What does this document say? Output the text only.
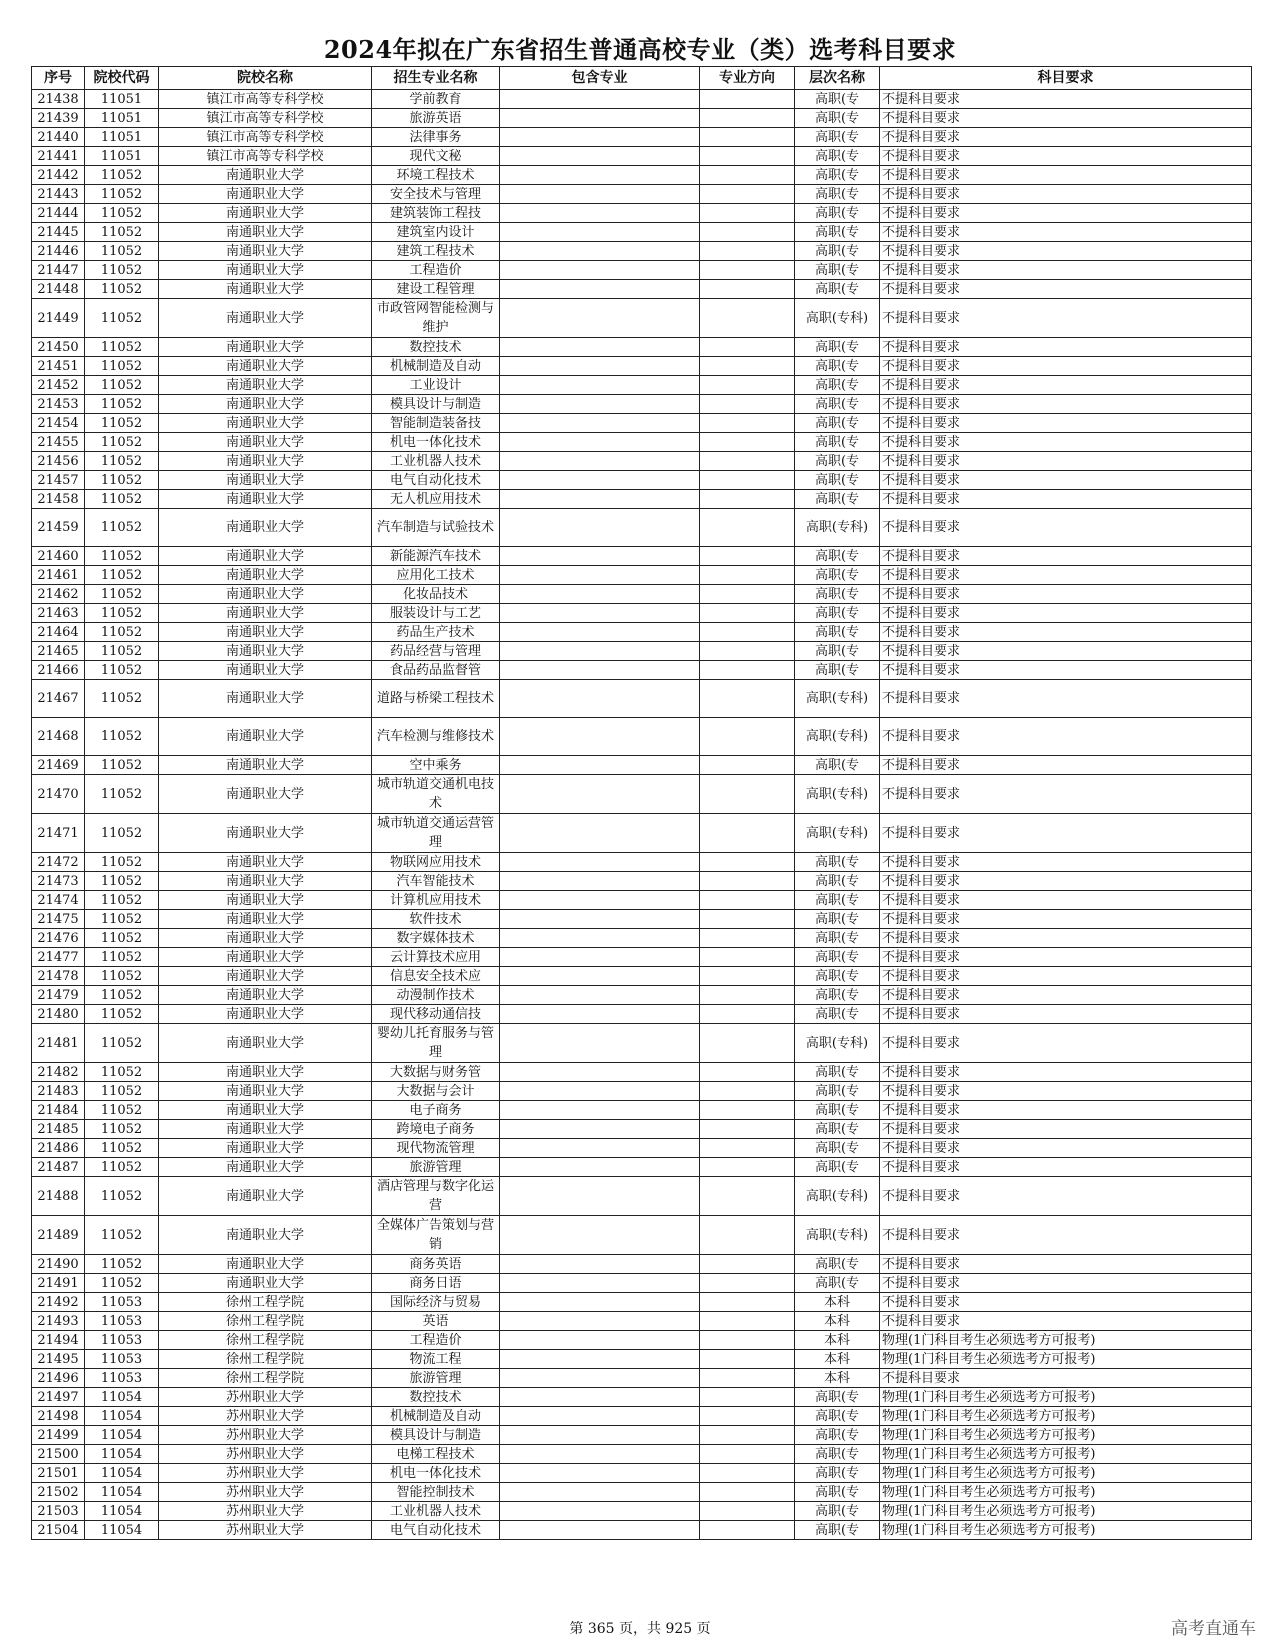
2024年拟在广东省招生普通高校专业（类）选考科目要求
序号	院校代码	院校名称	招生专业名称	包含专业	专业方向	层次名称	科目要求
21438	11051	镇江市高等专科学校	学前教育			高职(专	不提科目要求
21439	11051	镇江市高等专科学校	旅游英语			高职(专	不提科目要求
21440	11051	镇江市高等专科学校	法律事务			高职(专	不提科目要求
21441	11051	镇江市高等专科学校	现代文秘			高职(专	不提科目要求
21442	11052	南通职业大学	环境工程技术			高职(专	不提科目要求
21443	11052	南通职业大学	安全技术与管理			高职(专	不提科目要求
21444	11052	南通职业大学	建筑装饰工程技			高职(专	不提科目要求
21445	11052	南通职业大学	建筑室内设计			高职(专	不提科目要求
21446	11052	南通职业大学	建筑工程技术			高职(专	不提科目要求
21447	11052	南通职业大学	工程造价			高职(专	不提科目要求
21448	11052	南通职业大学	建设工程管理			高职(专	不提科目要求
21449	11052	南通职业大学	市政管网智能检测与维护			高职(专科)	不提科目要求
21450	11052	南通职业大学	数控技术			高职(专	不提科目要求
21451	11052	南通职业大学	机械制造及自动			高职(专	不提科目要求
21452	11052	南通职业大学	工业设计			高职(专	不提科目要求
21453	11052	南通职业大学	模具设计与制造			高职(专	不提科目要求
21454	11052	南通职业大学	智能制造装备技			高职(专	不提科目要求
21455	11052	南通职业大学	机电一体化技术			高职(专	不提科目要求
21456	11052	南通职业大学	工业机器人技术			高职(专	不提科目要求
21457	11052	南通职业大学	电气自动化技术			高职(专	不提科目要求
21458	11052	南通职业大学	无人机应用技术			高职(专	不提科目要求
21459	11052	南通职业大学	汽车制造与试验技术			高职(专科)	不提科目要求
21460	11052	南通职业大学	新能源汽车技术			高职(专	不提科目要求
21461	11052	南通职业大学	应用化工技术			高职(专	不提科目要求
21462	11052	南通职业大学	化妆品技术			高职(专	不提科目要求
21463	11052	南通职业大学	服装设计与工艺			高职(专	不提科目要求
21464	11052	南通职业大学	药品生产技术			高职(专	不提科目要求
21465	11052	南通职业大学	药品经营与管理			高职(专	不提科目要求
21466	11052	南通职业大学	食品药品监督管			高职(专	不提科目要求
21467	11052	南通职业大学	道路与桥梁工程技术			高职(专科)	不提科目要求
21468	11052	南通职业大学	汽车检测与维修技术			高职(专科)	不提科目要求
21469	11052	南通职业大学	空中乘务			高职(专	不提科目要求
21470	11052	南通职业大学	城市轨道交通机电技术			高职(专科)	不提科目要求
21471	11052	南通职业大学	城市轨道交通运营管理			高职(专科)	不提科目要求
21472	11052	南通职业大学	物联网应用技术			高职(专	不提科目要求
21473	11052	南通职业大学	汽车智能技术			高职(专	不提科目要求
21474	11052	南通职业大学	计算机应用技术			高职(专	不提科目要求
21475	11052	南通职业大学	软件技术			高职(专	不提科目要求
21476	11052	南通职业大学	数字媒体技术			高职(专	不提科目要求
21477	11052	南通职业大学	云计算技术应用			高职(专	不提科目要求
21478	11052	南通职业大学	信息安全技术应			高职(专	不提科目要求
21479	11052	南通职业大学	动漫制作技术			高职(专	不提科目要求
21480	11052	南通职业大学	现代移动通信技			高职(专	不提科目要求
21481	11052	南通职业大学	婴幼儿托育服务与管理			高职(专科)	不提科目要求
21482	11052	南通职业大学	大数据与财务管			高职(专	不提科目要求
21483	11052	南通职业大学	大数据与会计			高职(专	不提科目要求
21484	11052	南通职业大学	电子商务			高职(专	不提科目要求
21485	11052	南通职业大学	跨境电子商务			高职(专	不提科目要求
21486	11052	南通职业大学	现代物流管理			高职(专	不提科目要求
21487	11052	南通职业大学	旅游管理			高职(专	不提科目要求
21488	11052	南通职业大学	酒店管理与数字化运营			高职(专科)	不提科目要求
21489	11052	南通职业大学	全媒体广告策划与营销			高职(专科)	不提科目要求
21490	11052	南通职业大学	商务英语			高职(专	不提科目要求
21491	11052	南通职业大学	商务日语			高职(专	不提科目要求
21492	11053	徐州工程学院	国际经济与贸易			本科	不提科目要求
21493	11053	徐州工程学院	英语			本科	不提科目要求
21494	11053	徐州工程学院	工程造价			本科	物理(1门科目考生必须选考方可报考)
21495	11053	徐州工程学院	物流工程			本科	物理(1门科目考生必须选考方可报考)
21496	11053	徐州工程学院	旅游管理			本科	不提科目要求
21497	11054	苏州职业大学	数控技术			高职(专	物理(1门科目考生必须选考方可报考)
21498	11054	苏州职业大学	机械制造及自动			高职(专	物理(1门科目考生必须选考方可报考)
21499	11054	苏州职业大学	模具设计与制造			高职(专	物理(1门科目考生必须选考方可报考)
21500	11054	苏州职业大学	电梯工程技术			高职(专	物理(1门科目考生必须选考方可报考)
21501	11054	苏州职业大学	机电一体化技术			高职(专	物理(1门科目考生必须选考方可报考)
21502	11054	苏州职业大学	智能控制技术			高职(专	物理(1门科目考生必须选考方可报考)
21503	11054	苏州职业大学	工业机器人技术			高职(专	物理(1门科目考生必须选考方可报考)
21504	11054	苏州职业大学	电气自动化技术			高职(专	物理(1门科目考生必须选考方可报考)
第 365 页，共 925 页	高考直通车
